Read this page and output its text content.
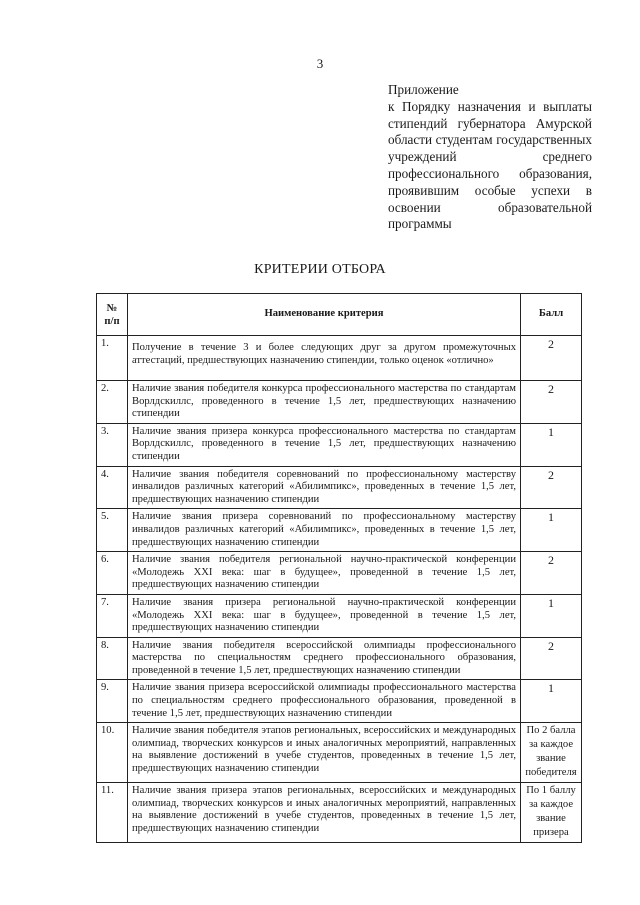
3

Приложение

к Порядку назначения и выплаты стипендий губернатора Амурской области студентам государственных учреждений среднего профессионального образования, проявившим особые успехи в освоении образовательной программы

КРИТЕРИИ ОТБОРА
№ п/п	Наименование критерия	Балл
1.	Получение в течение 3 и более следующих друг за другом промежуточных аттестаций, предшествующих назначению стипендии, только оценок «отлично»	2
2.	Наличие звания победителя конкурса профессионального мастерства по стандартам Ворлдскиллс, проведенного в течение 1,5 лет, предшествующих назначению стипендии	2
3.	Наличие звания призера конкурса профессионального мастерства по стандартам Ворлдскиллс, проведенного в течение 1,5 лет, предшествующих назначению стипендии	1
4.	Наличие звания победителя соревнований по профессиональному мастерству инвалидов различных категорий «Абилимпикс», проведенных в течение 1,5 лет, предшествующих назначению стипендии	2
5.	Наличие звания призера соревнований по профессиональному мастерству инвалидов различных категорий «Абилимпикс», проведенных в течение 1,5 лет, предшествующих назначению стипендии	1
6.	Наличие звания победителя региональной научно-практической конференции «Молодежь XXI века: шаг в будущее», проведенной в течение 1,5 лет, предшествующих назначению стипендии	2
7.	Наличие звания призера региональной научно-практической конференции «Молодежь XXI века: шаг в будущее», проведенной в течение 1,5 лет, предшествующих назначению стипендии	1
8.	Наличие звания победителя всероссийской олимпиады профессионального мастерства по специальностям среднего профессионального образования, проведенной в течение 1,5 лет, предшествующих назначению стипендии	2
9.	Наличие звания призера всероссийской олимпиады профессионального мастерства по специальностям среднего профессионального образования, проведенной в течение 1,5 лет, предшествующих назначению стипендии	1
10.	Наличие звания победителя этапов региональных, всероссийских и международных олимпиад, творческих конкурсов и иных аналогичных мероприятий, направленных на выявление достижений в учебе студентов, проведенных в течение 1,5 лет, предшествующих назначению стипендии	По 2 балла за каждое звание победителя
11.	Наличие звания призера этапов региональных, всероссийских и международных олимпиад, творческих конкурсов и иных аналогичных мероприятий, направленных на выявление достижений в учебе студентов, проведенных в течение 1,5 лет, предшествующих назначению стипендии	По 1 баллу за каждое звание призера
